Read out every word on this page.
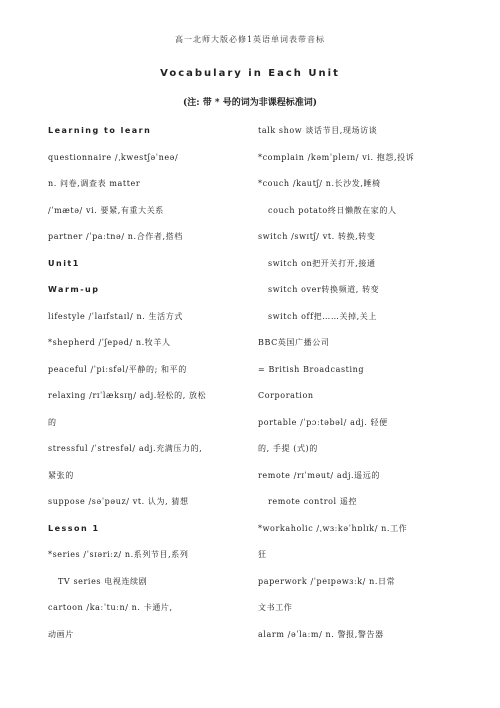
高一北师大版必修1英语单词表带音标
Vocabulary in Each Unit
(注: 带 * 号的词为非课程标准词)
Learning to learn
questionnaire /ˌkwestʃəˈneə/
n. 问卷,调查表 matter
/ˈmætə/ vi. 要紧,有重大关系
partner /ˈpaːtnə/ n.合作者,搭档
Unit1
Warm-up
lifestyle /ˈlaɪfstaɪl/ n. 生活方式
*shepherd /ˈʃepəd/ n.牧羊人
peaceful /ˈpiːsfəl/平静的; 和平的
relaxing /rɪˈlæksɪŋ/ adj.轻松的, 放松
的
stressful /ˈstresfəl/ adj.充满压力的,
紧张的
suppose /səˈpəuz/ vt. 认为, 猜想
Lesson 1
*series /ˈsɪəriːz/ n.系列节目,系列
TV series 电视连续剧
cartoon /kaːˈtuːn/ n. 卡通片,
动画片
talk show 谈话节目,现场访谈
*complain /kəmˈpleɪn/ vi. 抱怨,投诉
*couch /kautʃ/ n.长沙发,睡椅
couch potato终日懒散在家的人
switch /swɪtʃ/ vt. 转换,转变
switch on把开关打开,接通
switch over转换频道, 转变
switch off把……关掉,关上
BBC英国广播公司
= British Broadcasting
Corporation
portable /ˈpɔːtəbəl/ adj. 轻便
的, 手提 (式)的
remote /rɪˈməut/ adj.遥远的
remote control 遥控
*workaholic /ˌwɜːkəˈhɒlɪk/ n.工作
狂
paperwork /ˈpeɪpəwɜːk/ n.日常
文书工作
alarm /əˈlaːm/ n. 警报,警告器
